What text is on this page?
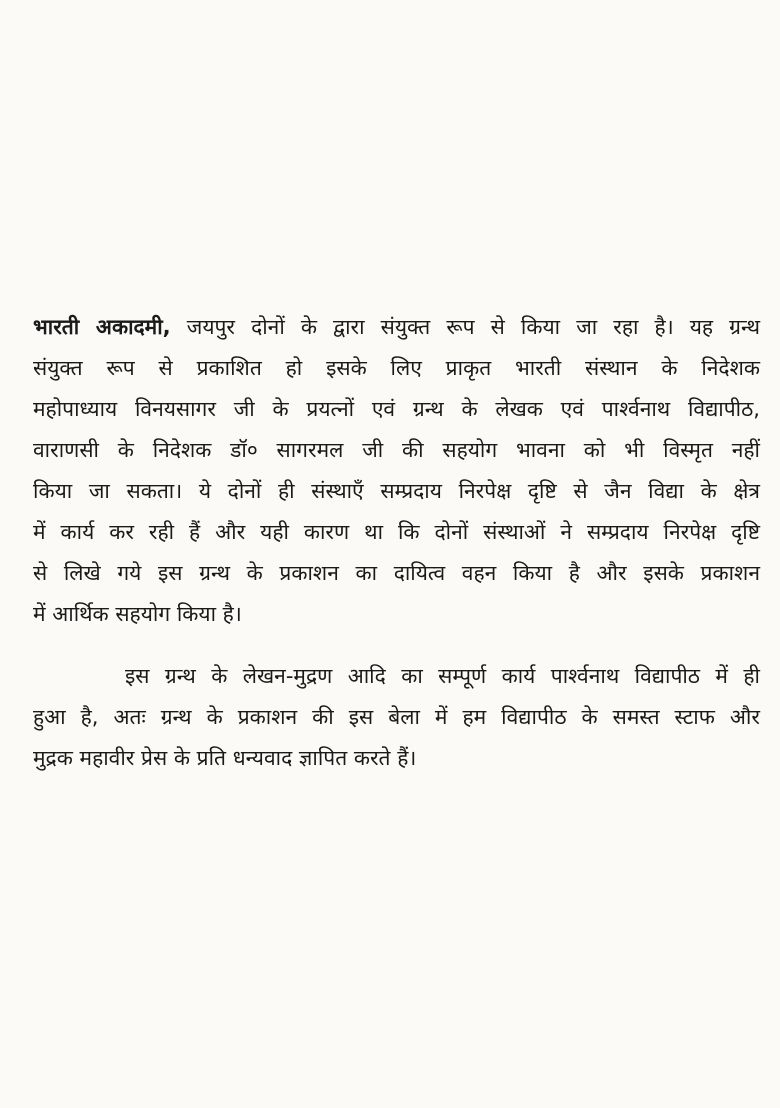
भारती अकादमी, जयपुर दोनों के द्वारा संयुक्त रूप से किया जा रहा है। यह ग्रन्थ
संयुक्त रूप से प्रकाशित हो इसके लिए प्राकृत भारती संस्थान के निदेशक
महोपाध्याय विनयसागर जी के प्रयत्नों एवं ग्रन्थ के लेखक एवं पार्श्वनाथ विद्यापीठ,
वाराणसी के निदेशक डॉ० सागरमल जी की सहयोग भावना को भी विस्मृत नहीं
किया जा सकता। ये दोनों ही संस्थाएँ सम्प्रदाय निरपेक्ष दृष्टि से जैन विद्या के क्षेत्र
में कार्य कर रही हैं और यही कारण था कि दोनों संस्थाओं ने सम्प्रदाय निरपेक्ष दृष्टि
से लिखे गये इस ग्रन्थ के प्रकाशन का दायित्व वहन किया है और इसके प्रकाशन
में आर्थिक सहयोग किया है।
इस ग्रन्थ के लेखन-मुद्रण आदि का सम्पूर्ण कार्य पार्श्वनाथ विद्यापीठ में ही
हुआ है, अतः ग्रन्थ के प्रकाशन की इस बेला में हम विद्यापीठ के समस्त स्टाफ और
मुद्रक महावीर प्रेस के प्रति धन्यवाद ज्ञापित करते हैं।
